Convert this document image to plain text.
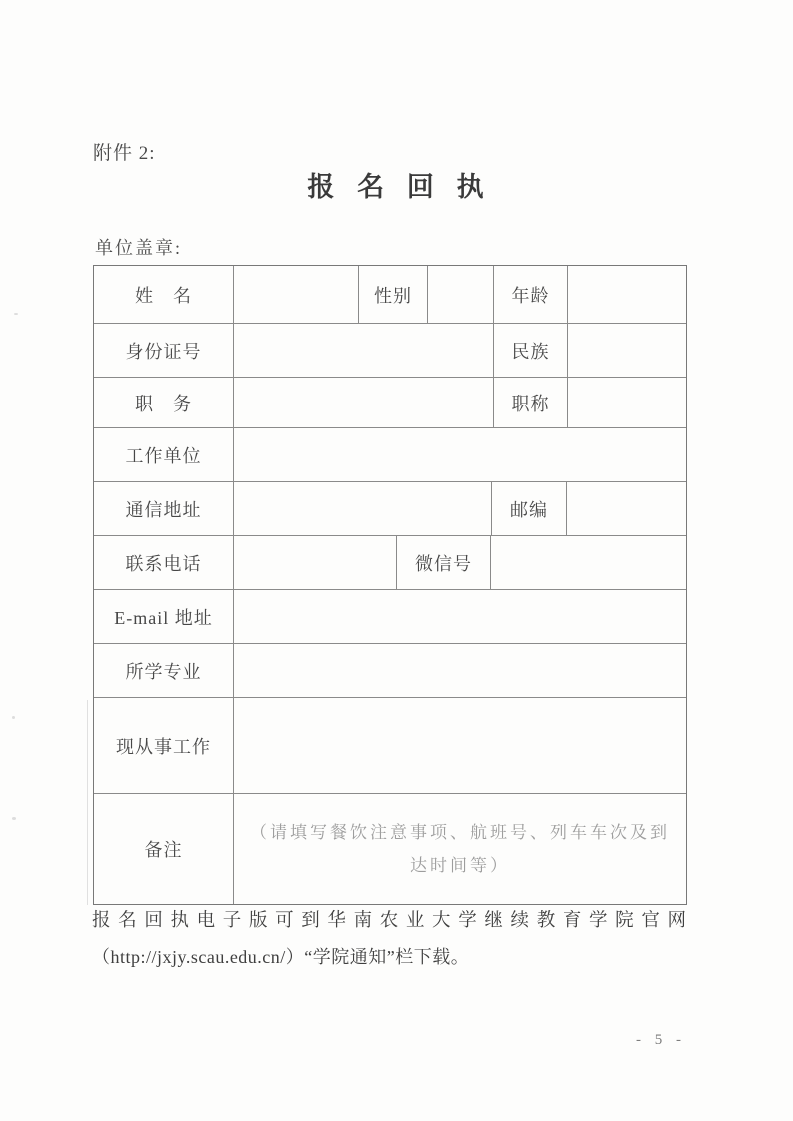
附件 2:
报 名 回 执
单位盖章:
姓　名	性别	年龄
身份证号	民族
职　务	职称
工作单位
通信地址	邮编
联系电话	微信号
E-mail 地址
所学专业
现从事工作
备注
（请填写餐饮注意事项、航班号、列车车次及到达时间等）
报名回执电子版可到华南农业大学继续教育学院官网
（http://jxjy.scau.edu.cn/）“学院通知”栏下载。
- 5 -
